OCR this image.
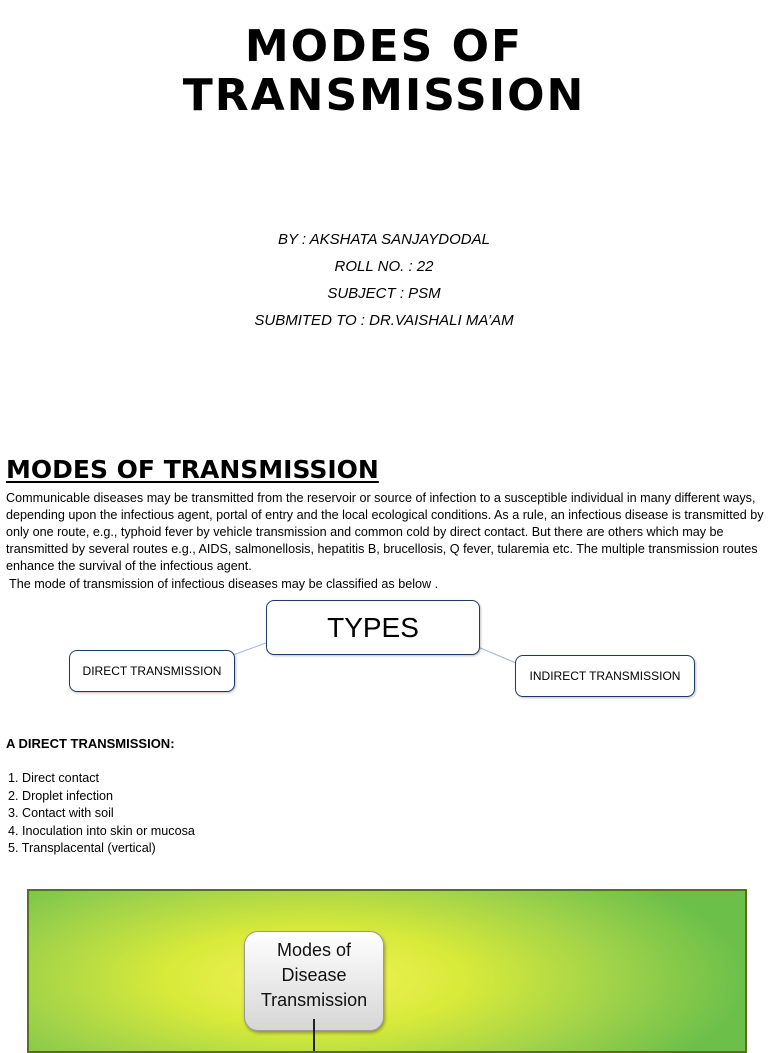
MODES OF
TRANSMISSION
BY : AKSHATA SANJAYDODAL
ROLL NO. : 22
SUBJECT : PSM
SUBMITED TO : DR.VAISHALI MA’AM
MODES OF TRANSMISSION
Communicable diseases may be transmitted from the reservoir or source of infection to a susceptible individual in many different ways, depending upon the infectious agent, portal of entry and the local ecological conditions. As a rule, an infectious disease is transmitted by only one route, e.g., typhoid fever by vehicle transmission and common cold by direct contact. But there are others which may be transmitted by several routes e.g., AIDS, salmonellosis, hepatitis B, brucellosis, Q fever, tularemia etc. The multiple transmission routes enhance the survival of the infectious agent.
The mode of transmission of infectious diseases may be classified as below .
TYPES
DIRECT TRANSMISSION	INDIRECT TRANSMISSION
A DIRECT TRANSMISSION:
1. Direct contact
2. Droplet infection
3. Contact with soil
4. Inoculation into skin or mucosa
5. Transplacental (vertical)
Modes of
Disease
Transmission
